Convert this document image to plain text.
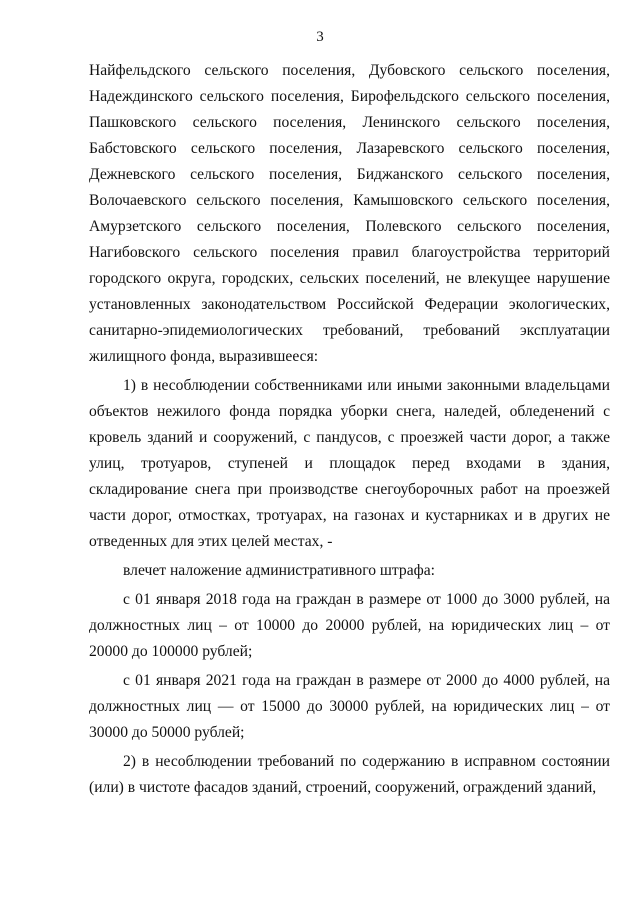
3

Найфельдского сельского поселения, Дубовского сельского поселения, Надеждинского сельского поселения, Бирофельдского сельского поселения, Пашковского сельского поселения, Ленинского сельского поселения, Бабстовского сельского поселения, Лазаревского сельского поселения, Дежневского сельского поселения, Биджанского сельского поселения, Волочаевского сельского поселения, Камышовского сельского поселения, Амурзетского сельского поселения, Полевского сельского поселения, Нагибовского сельского поселения правил благоустройства территорий городского округа, городских, сельских поселений, не влекущее нарушение установленных законодательством Российской Федерации экологических, санитарно-эпидемиологических требований, требований эксплуатации жилищного фонда, выразившееся:

1) в несоблюдении собственниками или иными законными владельцами объектов нежилого фонда порядка уборки снега, наледей, обледенений с кровель зданий и сооружений, с пандусов, с проезжей части дорог, а также улиц, тротуаров, ступеней и площадок перед входами в здания, складирование снега при производстве снегоуборочных работ на проезжей части дорог, отмостках, тротуарах, на газонах и кустарниках и в других не отведенных для этих целей местах, -

влечет наложение административного штрафа:

с 01 января 2018 года на граждан в размере от 1000 до 3000 рублей, на должностных лиц – от 10000 до 20000 рублей, на юридических лиц – от 20000 до 100000 рублей;

с 01 января 2021 года на граждан в размере от 2000 до 4000 рублей, на должностных лиц — от 15000 до 30000 рублей, на юридических лиц – от 30000 до 50000 рублей;

2) в несоблюдении требований по содержанию в исправном состоянии (или) в чистоте фасадов зданий, строений, сооружений, ограждений зданий,
